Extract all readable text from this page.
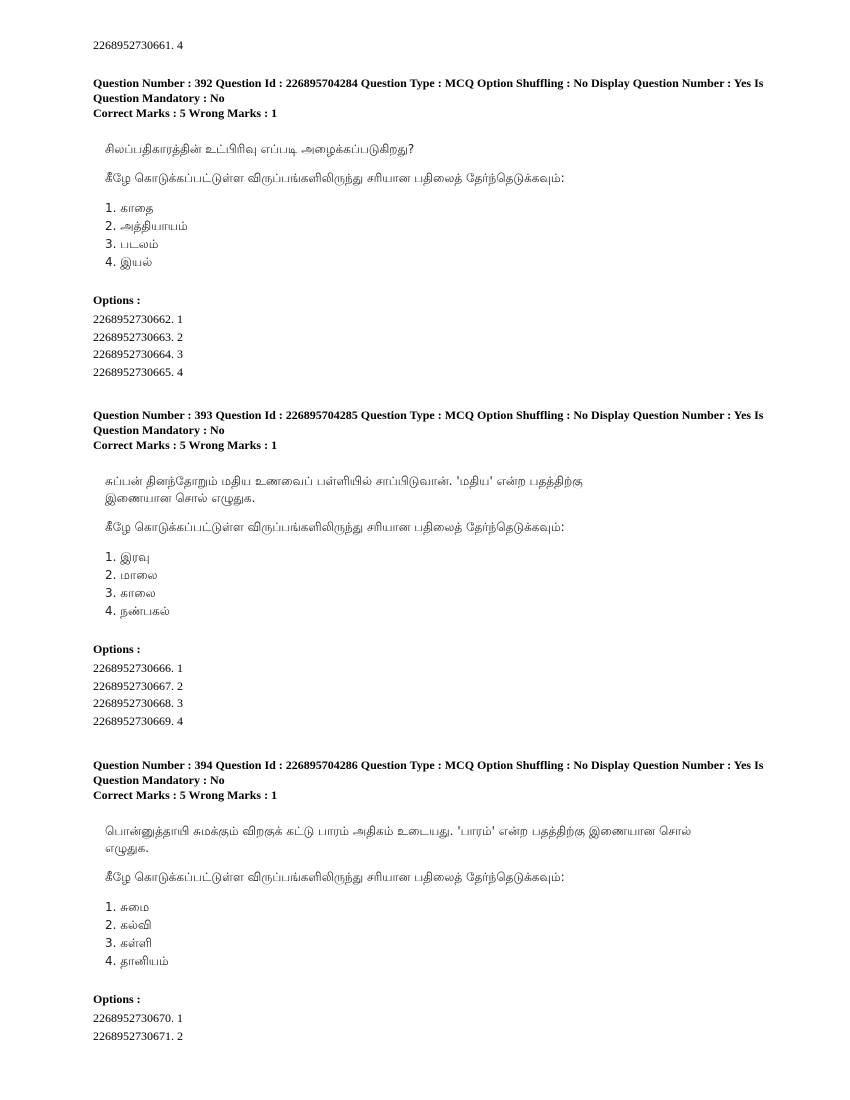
2268952730661. 4
Question Number : 392 Question Id : 226895704284 Question Type : MCQ Option Shuffling : No Display Question Number : Yes Is
Question Mandatory : No
Correct Marks : 5 Wrong Marks : 1
சிலப்பதிகாரத்தின் உட்பிரிவு எப்படி அழைக்கப்படுகிறது?
கீழே கொடுக்கப்பட்டுள்ள விருப்பங்களிலிருந்து சரியான பதிலைத் தேர்ந்தெடுக்கவும்:
1. காதை
2. அத்தியாயம்
3. படலம்
4. இயல்
Options :
2268952730662. 1
2268952730663. 2
2268952730664. 3
2268952730665. 4
Question Number : 393 Question Id : 226895704285 Question Type : MCQ Option Shuffling : No Display Question Number : Yes Is
Question Mandatory : No
Correct Marks : 5 Wrong Marks : 1
சுப்பன் தினந்தோறும் மதிய உணவைப் பள்ளியில் சாப்பிடுவான். 'மதிய' என்ற பதத்திற்கு இணையான சொல் எழுதுக.
கீழே கொடுக்கப்பட்டுள்ள விருப்பங்களிலிருந்து சரியான பதிலைத் தேர்ந்தெடுக்கவும்:
1. இரவு
2. மாலை
3. காலை
4. நண்பகல்
Options :
2268952730666. 1
2268952730667. 2
2268952730668. 3
2268952730669. 4
Question Number : 394 Question Id : 226895704286 Question Type : MCQ Option Shuffling : No Display Question Number : Yes Is
Question Mandatory : No
Correct Marks : 5 Wrong Marks : 1
பொன்னுத்தாயி சுமக்கும் விறகுக் கட்டு பாரம் அதிகம் உடையது. 'பாரம்' என்ற பதத்திற்கு இணையான சொல் எழுதுக.
கீழே கொடுக்கப்பட்டுள்ள விருப்பங்களிலிருந்து சரியான பதிலைத் தேர்ந்தெடுக்கவும்:
1. சுமை
2. கல்வி
3. கள்ளி
4. தானியம்
Options :
2268952730670. 1
2268952730671. 2
